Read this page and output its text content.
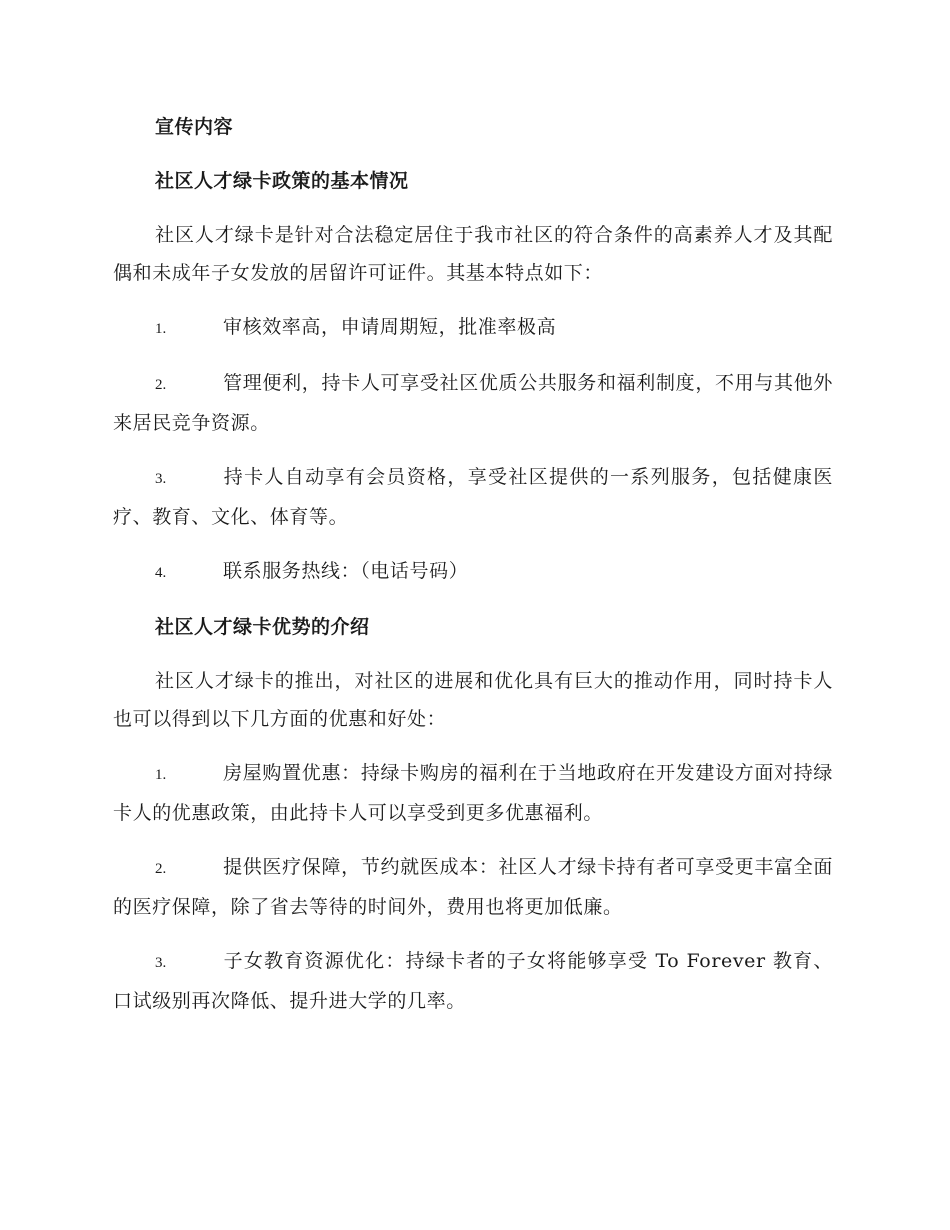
宣传内容
社区人才绿卡政策的基本情况
社区人才绿卡是针对合法稳定居住于我市社区的符合条件的高素养人才及其配偶和未成年子女发放的居留许可证件。其基本特点如下：
1.	审核效率高，申请周期短，批准率极高
2.	管理便利，持卡人可享受社区优质公共服务和福利制度，不用与其他外来居民竞争资源。
3.	持卡人自动享有会员资格，享受社区提供的一系列服务，包括健康医疗、教育、文化、体育等。
4.	联系服务热线：（电话号码）
社区人才绿卡优势的介绍
社区人才绿卡的推出，对社区的进展和优化具有巨大的推动作用，同时持卡人也可以得到以下几方面的优惠和好处：
1.	房屋购置优惠：持绿卡购房的福利在于当地政府在开发建设方面对持绿卡人的优惠政策，由此持卡人可以享受到更多优惠福利。
2.	提供医疗保障，节约就医成本：社区人才绿卡持有者可享受更丰富全面的医疗保障，除了省去等待的时间外，费用也将更加低廉。
3.	子女教育资源优化：持绿卡者的子女将能够享受 To Forever 教育、口试级别再次降低、提升进大学的几率。
